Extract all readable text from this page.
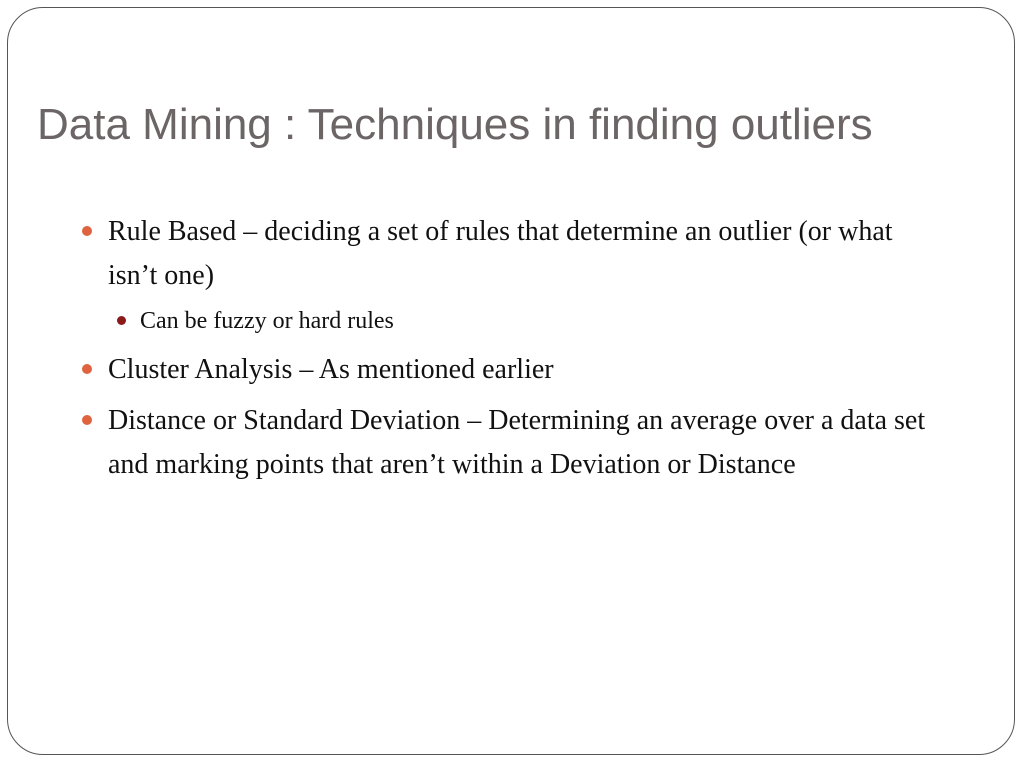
Data Mining : Techniques in finding outliers
Rule Based – deciding a set of rules that determine an outlier (or what isn’t one)
Can be fuzzy or hard rules
Cluster Analysis – As mentioned earlier
Distance or Standard Deviation – Determining an average over a data set and marking points that aren’t within a Deviation or Distance
